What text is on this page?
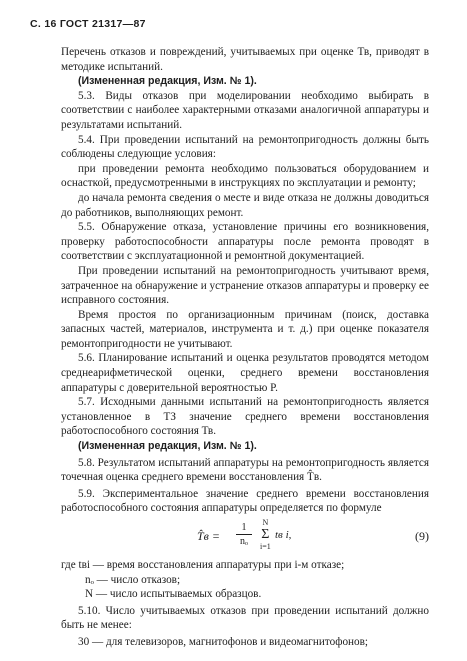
С. 16 ГОСТ 21317—87

Перечень отказов и повреждений, учитываемых при оценке Тв, приводят в методике испытаний.

(Измененная редакция, Изм. № 1).

5.3. Виды отказов при моделировании необходимо выбирать в соответствии с наиболее характерными отказами аналогичной аппаратуры и результатами испытаний.

5.4. При проведении испытаний на ремонтопригодность должны быть соблюдены следующие условия:

при проведении ремонта необходимо пользоваться оборудованием и оснасткой, предусмотренными в инструкциях по эксплуатации и ремонту;

до начала ремонта сведения о месте и виде отказа не должны доводиться до работников, выполняющих ремонт.

5.5. Обнаружение отказа, установление причины его возникновения, проверку работоспособности аппаратуры после ремонта проводят в соответствии с эксплуатационной и ремонтной документацией.

При проведении испытаний на ремонтопригодность учитывают время, затраченное на обнаружение и устранение отказов аппаратуры и проверку ее исправного состояния.

Время простоя по организационным причинам (поиск, доставка запасных частей, материалов, инструмента и т. д.) при оценке показателя ремонтопригодности не учитывают.

5.6. Планирование испытаний и оценка результатов проводятся методом среднеарифметической оценки, среднего времени восстановления аппаратуры с доверительной вероятностью P.

5.7. Исходными данными испытаний на ремонтопригодность является установленное в ТЗ значение среднего времени восстановления работоспособного состояния Тв.

(Измененная редакция, Изм. № 1).

5.8. Результатом испытаний аппаратуры на ремонтопригодность является точечная оценка среднего времени восстановления T̂в.

5.9. Экспериментальное значение среднего времени восстановления работоспособного состояния аппаратуры определяется по формуле

T̂в =
1
nₒ
N
Σ
i=1
tв i,	(9)
где tвi — время восстановления аппаратуры при i-м отказе;
nₒ — число отказов;
N — число испытываемых образцов.

5.10. Число учитываемых отказов при проведении испытаний должно быть не менее:

30 — для телевизоров, магнитофонов и видеомагнитофонов;
